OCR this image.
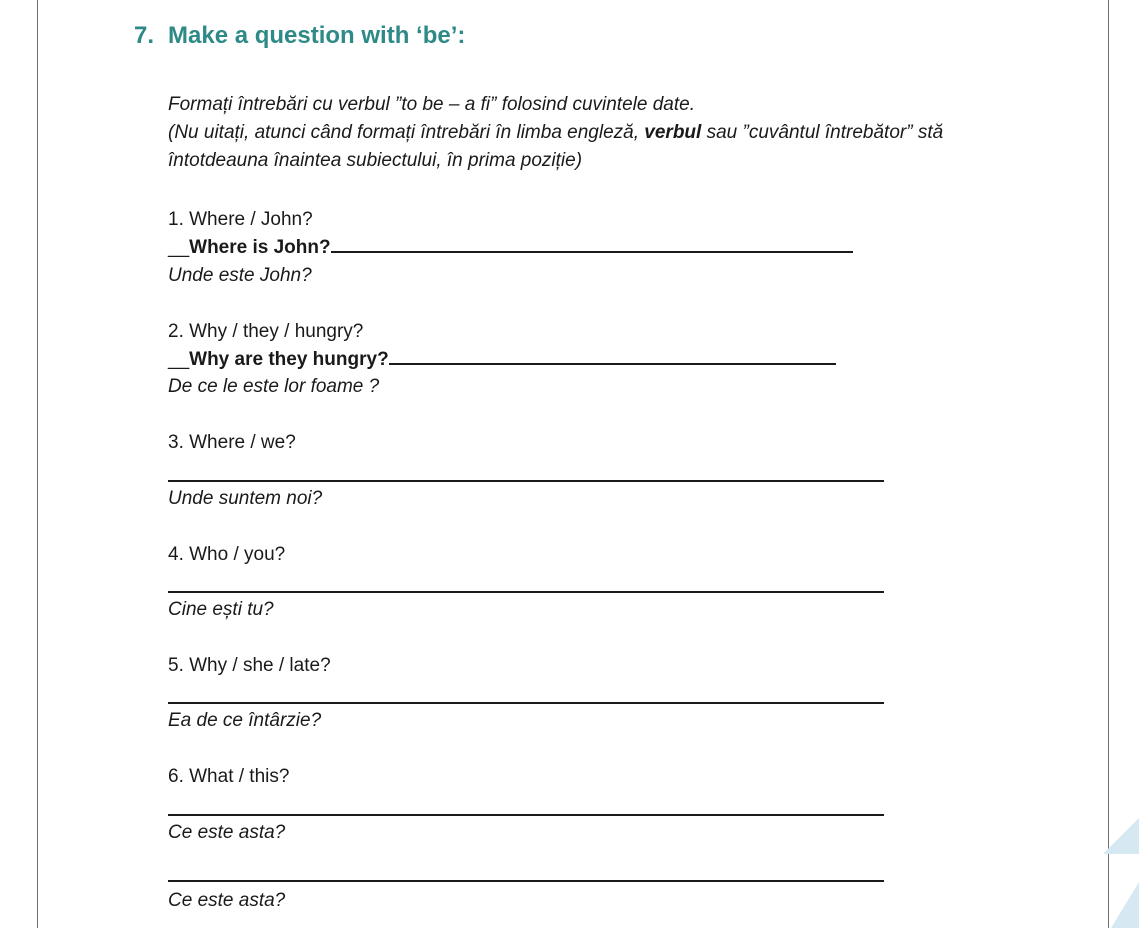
7. Make a question with ‘be’:
Formați întrebări cu verbul ”to be – a fi” folosind cuvintele date.
(Nu uitați, atunci când formați întrebări în limba engleză, verbul sau ”cuvântul întrebător” stă
întotdeauna înaintea subiectului, în prima poziție)
1. Where / John?
__Where is John?
Unde este John?
2. Why / they / hungry?
__Why are they hungry?
De ce le este lor foame ?
3. Where / we?
Unde suntem noi?
4. Who / you?
Cine ești tu?
5. Why / she / late?
Ea de ce întârzie?
6. What / this?
Ce este asta?
Ce este asta?
